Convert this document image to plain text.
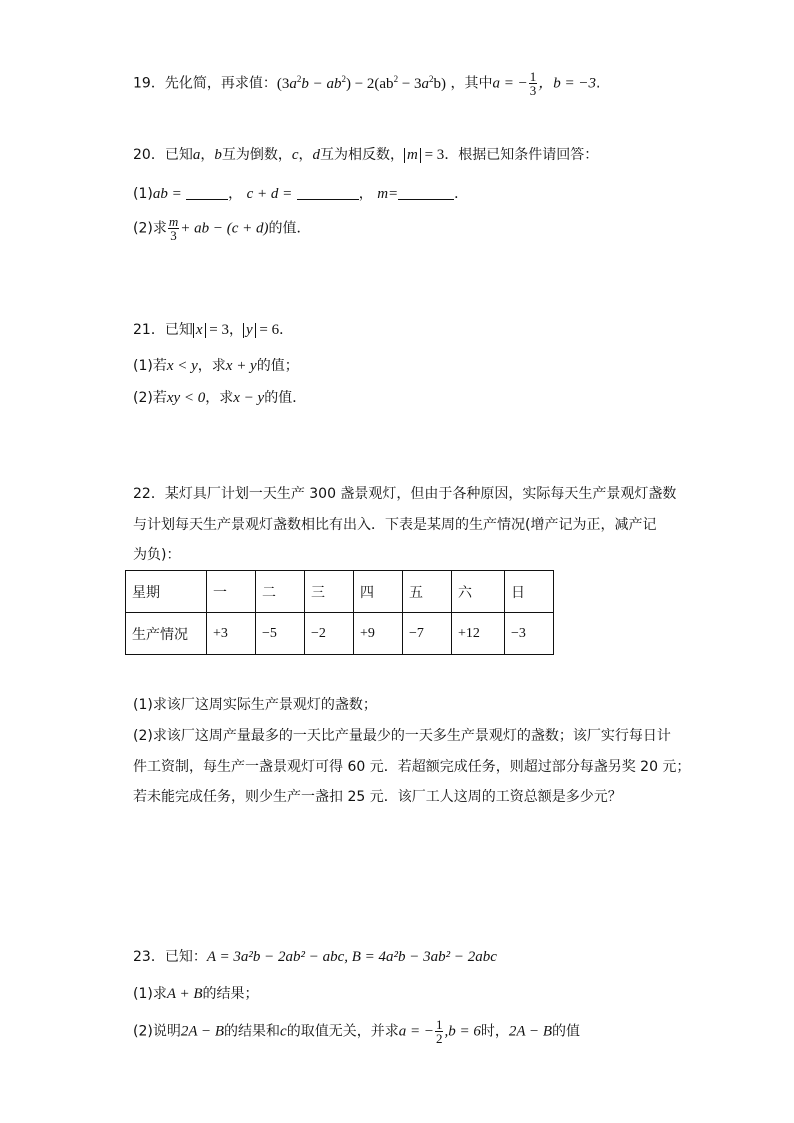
19．先化简，再求值：$(3a^2b - ab^2) - 2(ab^2 - 3a^2b)$ ，其中a = − $\frac{1}{3}$ ，b = −3.
20．已知a，b互为倒数，c，d互为相反数， m = 3．根据已知条件请回答：
(1)ab =	， c + d =	， m=	．
(2)求 $\frac{m}{3}$ + ab − (c + d)的值．
21．已知 x = 3， y = 6．
(1)若x < y，求x + y的值；
(2)若xy < 0，求x − y的值．
22．某灯具厂计划一天生产 300 盏景观灯，但由于各种原因，实际每天生产景观灯盏数
与计划每天生产景观灯盏数相比有出入．下表是某周的生产情况(增产记为正，减产记
为负)：
星期	一	二	三	四	五	六	日
生产情况	+3	−5	−2	+9	−7	+12	−3
(1)求该厂这周实际生产景观灯的盏数；
(2)求该厂这周产量最多的一天比产量最少的一天多生产景观灯的盏数；该厂实行每日计
件工资制，每生产一盏景观灯可得 60 元．若超额完成任务，则超过部分每盏另奖 20 元；
若未能完成任务，则少生产一盏扣 25 元．该厂工人这周的工资总额是多少元？
23．已知：A = 3a²b − 2ab² − abc, B = 4a²b − 3ab² − 2abc
(1)求A + B的结果；
(2)说明2A − B的结果和c的取值无关，并求a = − $\frac{1}{2} ,b = 6$时，2A − B的值
